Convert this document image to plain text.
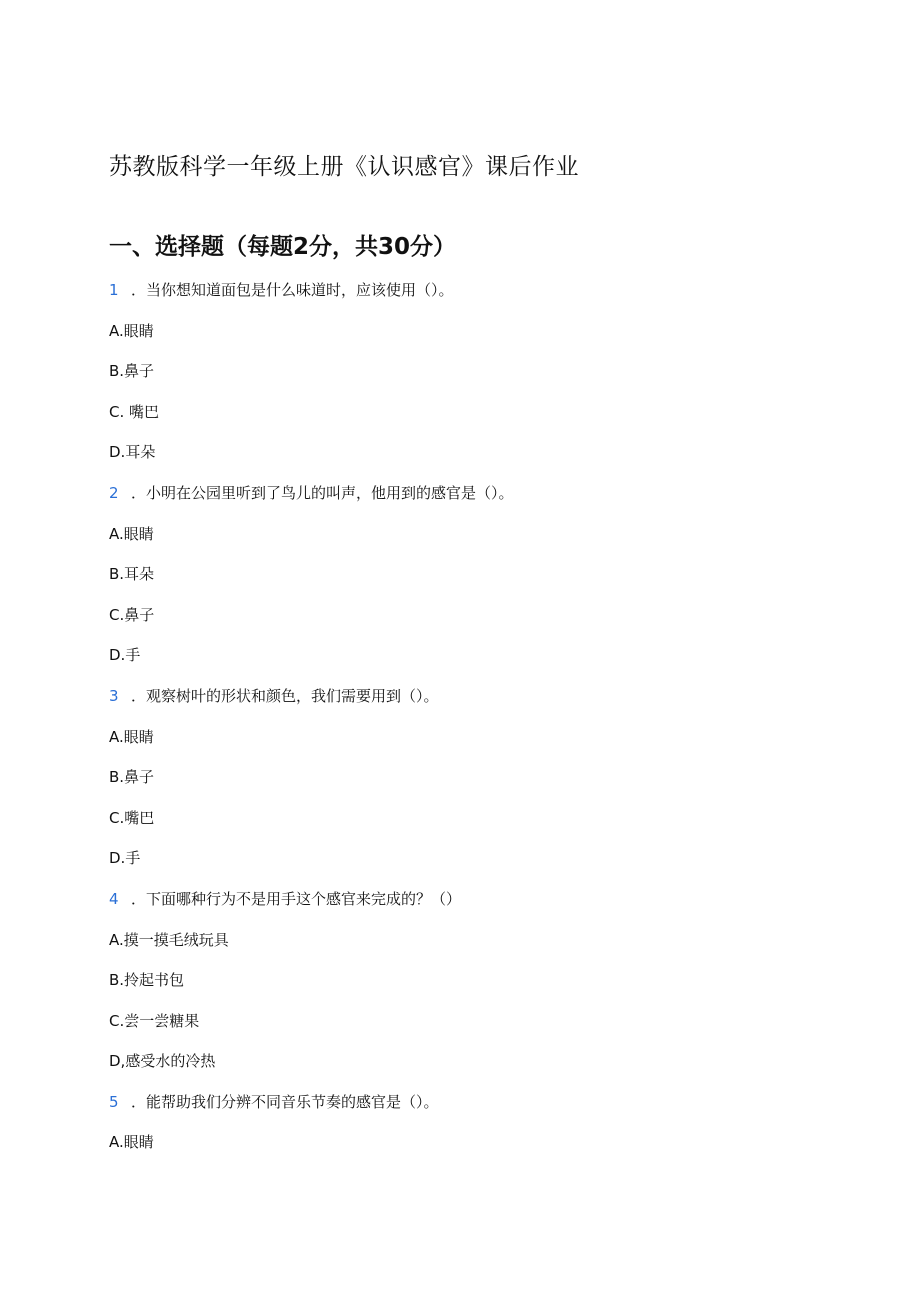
苏教版科学一年级上册《认识感官》课后作业
一、选择题（每题2分，共30分）
1 ．当你想知道面包是什么味道时，应该使用（）。
A.眼睛
B.鼻子
C. 嘴巴
D.耳朵
2 ．小明在公园里听到了鸟儿的叫声，他用到的感官是（）。
A.眼睛
B.耳朵
C.鼻子
D.手
3 ．观察树叶的形状和颜色，我们需要用到（）。
A.眼睛
B.鼻子
C.嘴巴
D.手
4 ．下面哪种行为不是用手这个感官来完成的？（）
A.摸一摸毛绒玩具
B.拎起书包
C.尝一尝糖果
D,感受水的冷热
5 ．能帮助我们分辨不同音乐节奏的感官是（）。
A.眼睛
